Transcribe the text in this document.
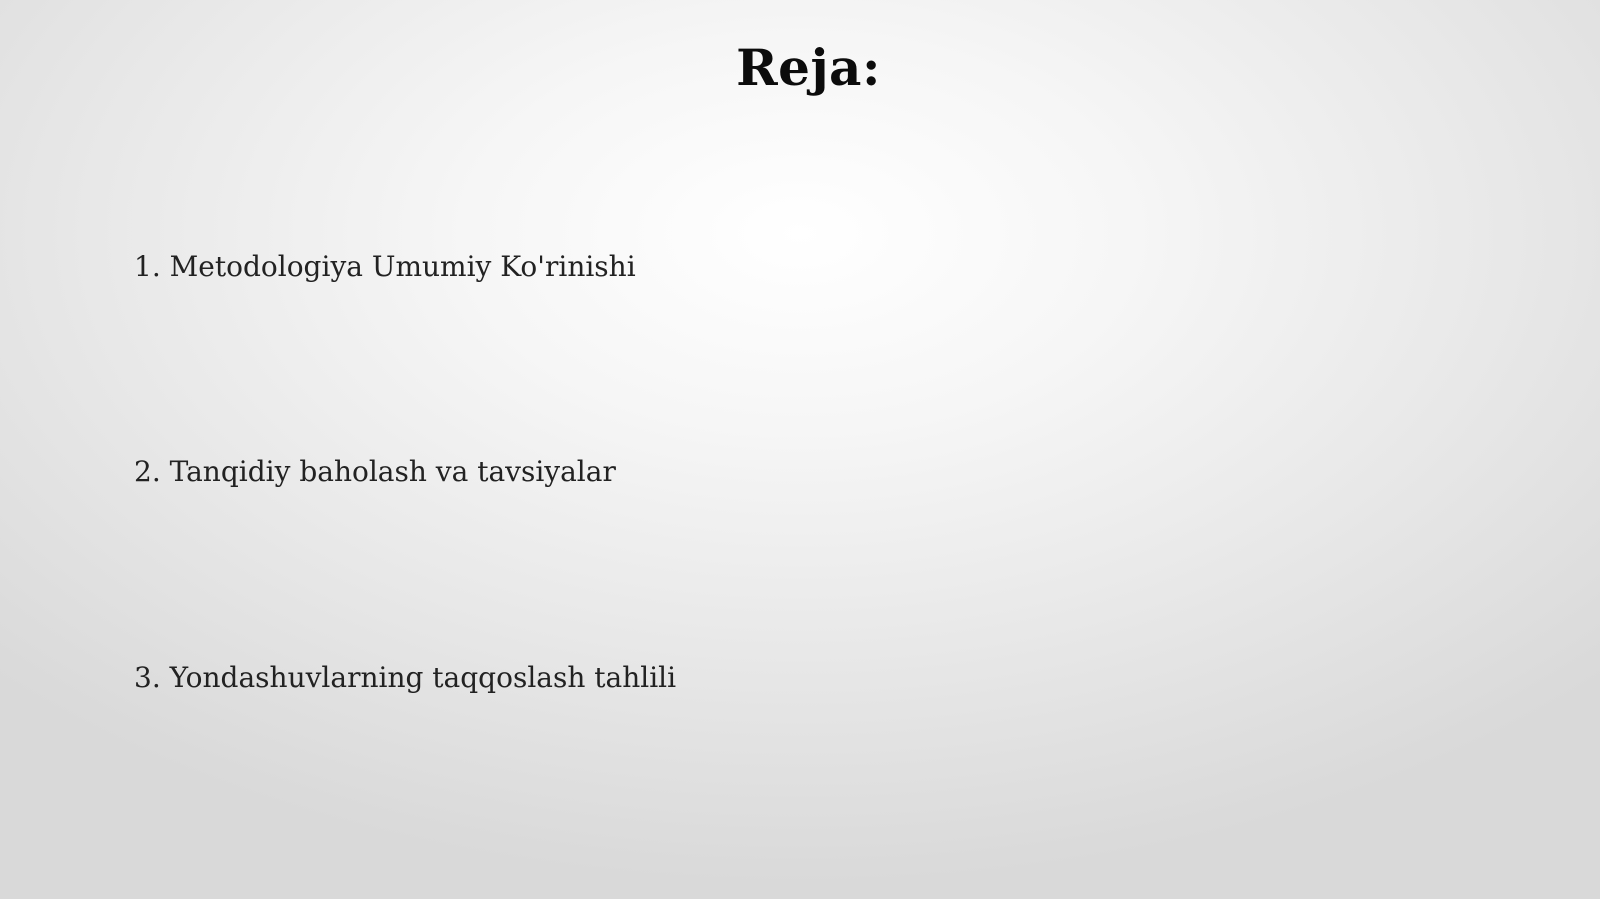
Reja:
1. Metodologiya Umumiy Ko'rinishi
2. Tanqidiy baholash va tavsiyalar
3. Yondashuvlarning taqqoslash tahlili
